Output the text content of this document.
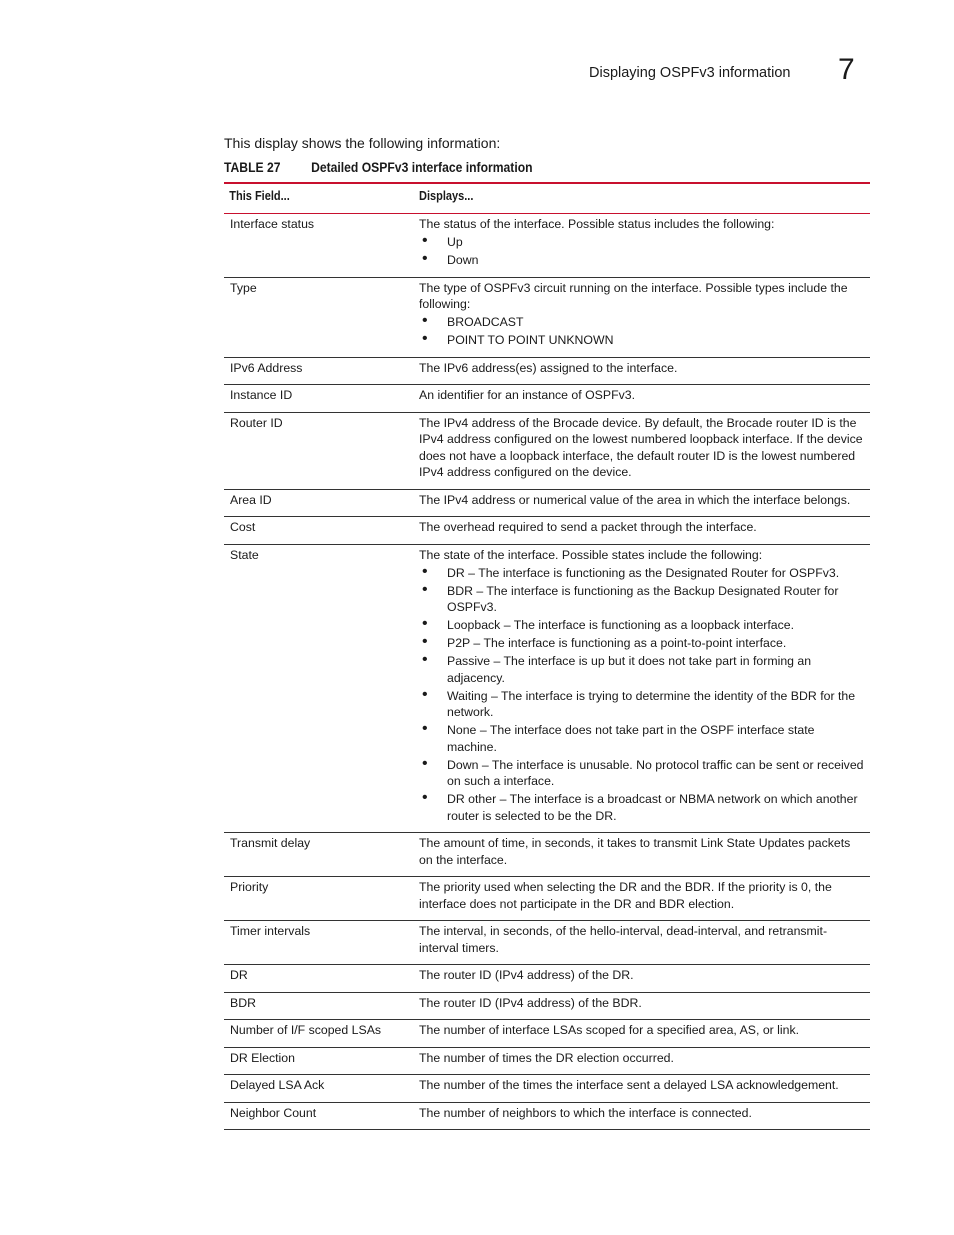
Displaying OSPFv3 information 7
This display shows the following information:
TABLE 27 Detailed OSPFv3 interface information
This Field...	Displays...
Interface status	The status of the interface. Possible status includes the following:
• Up
• Down
Type	The type of OSPFv3 circuit running on the interface. Possible types include the following:
• BROADCAST
• POINT TO POINT UNKNOWN
IPv6 Address	The IPv6 address(es) assigned to the interface.
Instance ID	An identifier for an instance of OSPFv3.
Router ID	The IPv4 address of the Brocade device. By default, the Brocade router ID is the IPv4 address configured on the lowest numbered loopback interface. If the device does not have a loopback interface, the default router ID is the lowest numbered IPv4 address configured on the device.
Area ID	The IPv4 address or numerical value of the area in which the interface belongs.
Cost	The overhead required to send a packet through the interface.
State	The state of the interface. Possible states include the following:
• DR – The interface is functioning as the Designated Router for OSPFv3.
• BDR – The interface is functioning as the Backup Designated Router for OSPFv3.
• Loopback – The interface is functioning as a loopback interface.
• P2P – The interface is functioning as a point-to-point interface.
• Passive – The interface is up but it does not take part in forming an adjacency.
• Waiting – The interface is trying to determine the identity of the BDR for the network.
• None – The interface does not take part in the OSPF interface state machine.
• Down – The interface is unusable. No protocol traffic can be sent or received on such a interface.
• DR other – The interface is a broadcast or NBMA network on which another router is selected to be the DR.
Transmit delay	The amount of time, in seconds, it takes to transmit Link State Updates packets on the interface.
Priority	The priority used when selecting the DR and the BDR. If the priority is 0, the interface does not participate in the DR and BDR election.
Timer intervals	The interval, in seconds, of the hello-interval, dead-interval, and retransmit-interval timers.
DR	The router ID (IPv4 address) of the DR.
BDR	The router ID (IPv4 address) of the BDR.
Number of I/F scoped LSAs	The number of interface LSAs scoped for a specified area, AS, or link.
DR Election	The number of times the DR election occurred.
Delayed LSA Ack	The number of the times the interface sent a delayed LSA acknowledgement.
Neighbor Count	The number of neighbors to which the interface is connected.
